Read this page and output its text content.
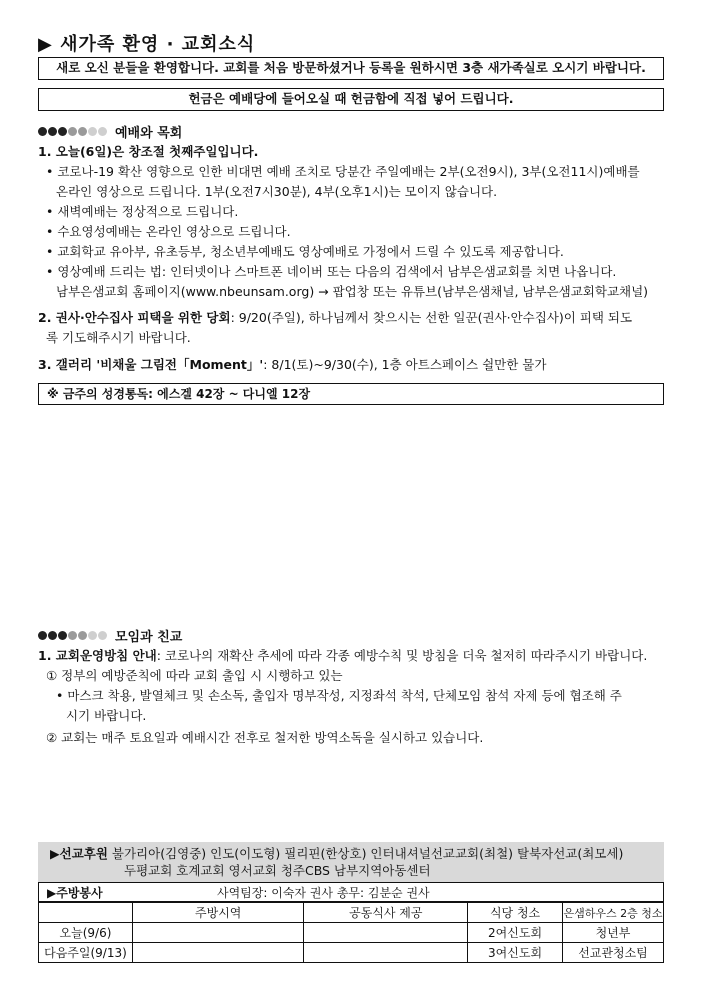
▶ 새가족 환영 · 교회소식
새로 오신 분들을 환영합니다. 교회를 처음 방문하셨거나 등록을 원하시면 3층 새가족실로 오시기 바랍니다.
헌금은 예배당에 들어오실 때 헌금함에 직접 넣어 드립니다.
예배와 목회
1. 오늘(6일)은 창조절 첫째주일입니다.
• 코로나-19 확산 영향으로 인한 비대면 예배 조치로 당분간 주일예배는 2부(오전9시), 3부(오전11시)예배를
온라인 영상으로 드립니다. 1부(오전7시30분), 4부(오후1시)는 모이지 않습니다.
• 새벽예배는 정상적으로 드립니다.
• 수요영성예배는 온라인 영상으로 드립니다.
• 교회학교 유아부, 유초등부, 청소년부예배도 영상예배로 가정에서 드릴 수 있도록 제공합니다.
• 영상예배 드리는 법: 인터넷이나 스마트폰 네이버 또는 다음의 검색에서 남부은샘교회를 치면 나옵니다.
남부은샘교회 홈페이지(www.nbeunsam.org) → 팝업창 또는 유튜브(남부은샘채널, 남부은샘교회학교채널)
2. 권사·안수집사 피택을 위한 당회: 9/20(주일), 하나님께서 찾으시는 선한 일꾼(권사·안수집사)이 피택 되도
록 기도해주시기 바랍니다.
3. 갤러리 '비채울 그림전「Moment」': 8/1(토)~9/30(수), 1층 아트스페이스 쉴만한 물가
※ 금주의 성경통독: 에스겔 42장 ~ 다니엘 12장
모임과 친교
1. 교회운영방침 안내: 코로나의 재확산 추세에 따라 각종 예방수칙 및 방침을 더욱 철저히 따라주시기 바랍니다.
① 정부의 예방준칙에 따라 교회 출입 시 시행하고 있는
• 마스크 착용, 발열체크 및 손소독, 출입자 명부작성, 지정좌석 착석, 단체모임 참석 자제 등에 협조해 주
시기 바랍니다.
② 교회는 매주 토요일과 예배시간 전후로 철저한 방역소독을 실시하고 있습니다.
▶선교후원 불가리아(김영중) 인도(이도형) 필리핀(한상호) 인터내셔널선교교회(최철) 탈북자선교(최모세)
두평교회 호계교회 영서교회 청주CBS 남부지역아동센터
▶주방봉사	사역팀장: 이숙자 권사 총무: 김분순 권사
	주방시역	공동식사 제공	식당 청소	은샘하우스 2층 청소
오늘(9/6)			2여신도회	청년부
다음주일(9/13)			3여신도회	선교관청소팀
